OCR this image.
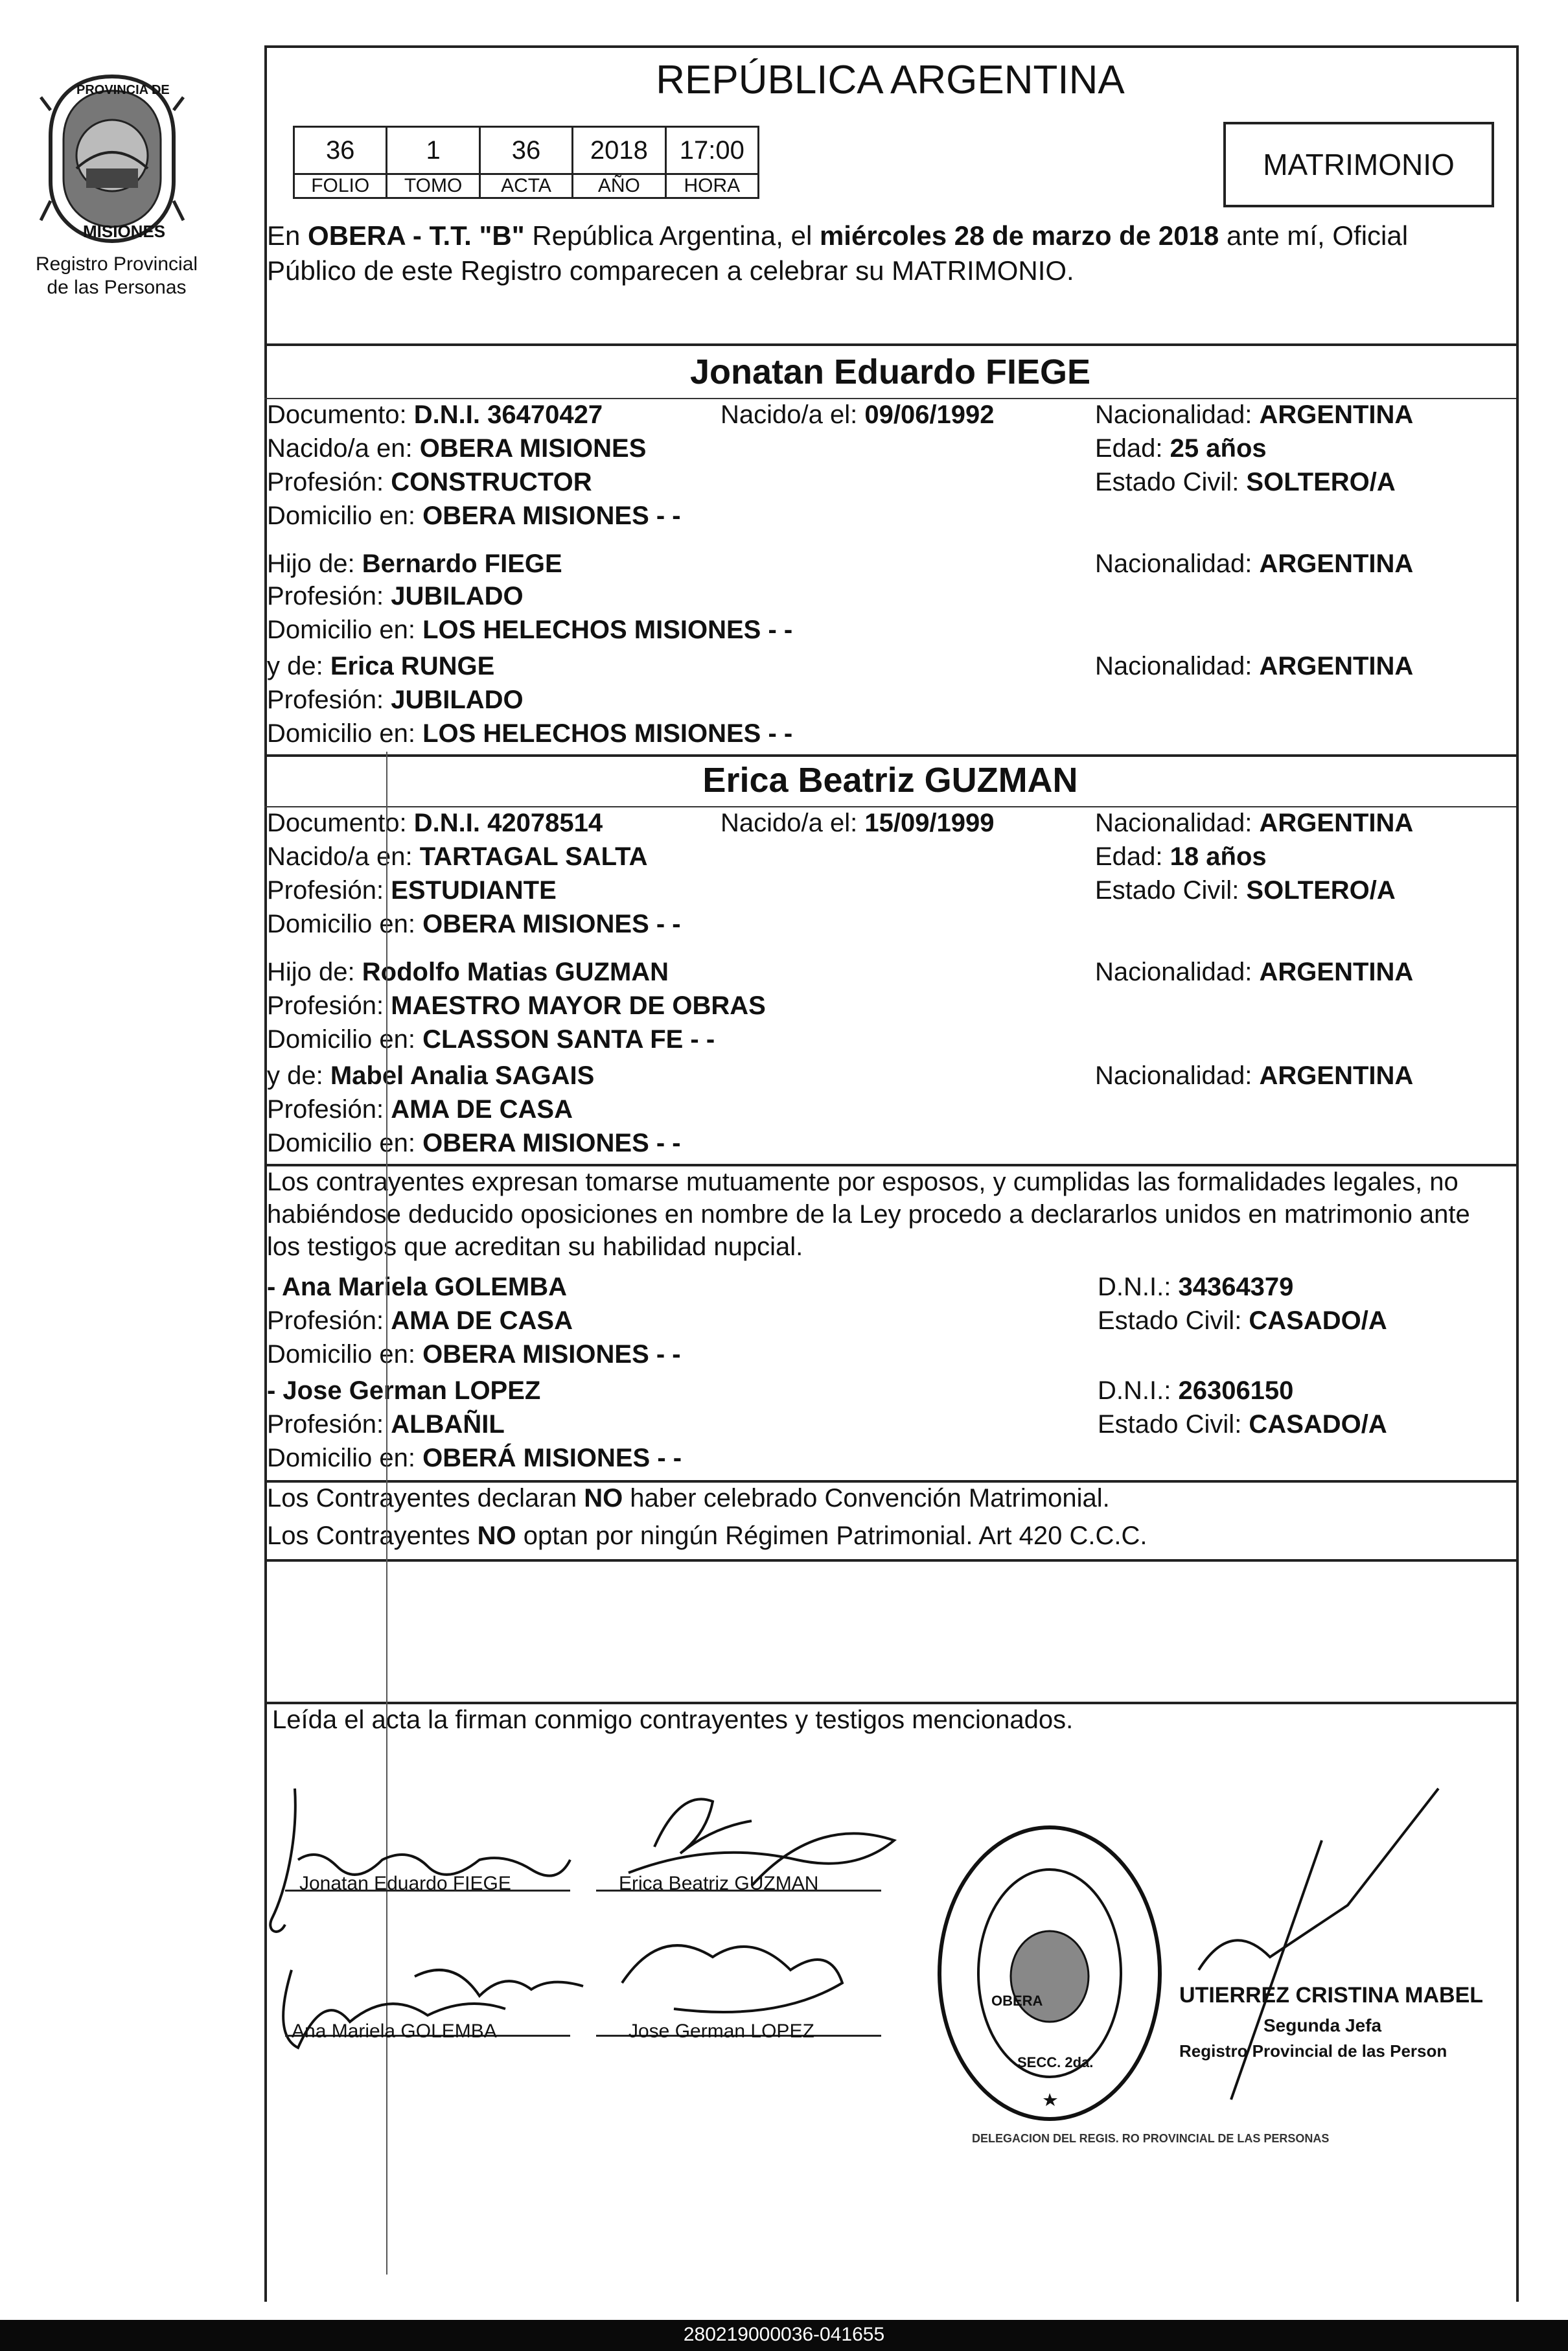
PROVINCIA DE
MISIONES
Registro Provincial
de las Personas
REPÚBLICA ARGENTINA
36	1	36	2018	17:00
FOLIO	TOMO	ACTA	AÑO	HORA
MATRIMONIO
En OBERA - T.T. "B" República Argentina, el miércoles 28 de marzo de 2018 ante mí, Oficial
Público de este Registro comparecen a celebrar su MATRIMONIO.
Jonatan Eduardo FIEGE
Documento: D.N.I. 36470427	Nacido/a el: 09/06/1992	Nacionalidad: ARGENTINA
Nacido/a en: OBERA MISIONES	Edad: 25 años
Profesión: CONSTRUCTOR	Estado Civil: SOLTERO/A
Domicilio en: OBERA MISIONES - -
Hijo de: Bernardo FIEGE	Nacionalidad: ARGENTINA
Profesión: JUBILADO
Domicilio en: LOS HELECHOS MISIONES - -
y de: Erica RUNGE	Nacionalidad: ARGENTINA
Profesión: JUBILADO
Domicilio en: LOS HELECHOS MISIONES - -
Erica Beatriz GUZMAN
Documento: D.N.I. 42078514	Nacido/a el: 15/09/1999	Nacionalidad: ARGENTINA
Nacido/a en: TARTAGAL SALTA	Edad: 18 años
Profesión: ESTUDIANTE	Estado Civil: SOLTERO/A
Domicilio en: OBERA MISIONES - -
Hijo de: Rodolfo Matias GUZMAN	Nacionalidad: ARGENTINA
Profesión: MAESTRO MAYOR DE OBRAS
Domicilio en: CLASSON SANTA FE - -
y de: Mabel Analia SAGAIS	Nacionalidad: ARGENTINA
Profesión: AMA DE CASA
Domicilio en: OBERA MISIONES - -
Los contrayentes expresan tomarse mutuamente por esposos, y cumplidas las formalidades legales, no
habiéndose deducido oposiciones en nombre de la Ley procedo a declararlos unidos en matrimonio ante
los testigos que acreditan su habilidad nupcial.
- Ana Mariela GOLEMBA	D.N.I.: 34364379
Profesión: AMA DE CASA	Estado Civil: CASADO/A
Domicilio en: OBERA MISIONES - -
- Jose German LOPEZ	D.N.I.: 26306150
Profesión: ALBAÑIL	Estado Civil: CASADO/A
Domicilio en: OBERÁ MISIONES - -
Los Contrayentes declaran NO haber celebrado Convención Matrimonial.
Los Contrayentes NO optan por ningún Régimen Patrimonial. Art 420 C.C.C.
Leída el acta la firman conmigo contrayentes y testigos mencionados.
Jonatan Eduardo FIEGE	Erica Beatriz GUZMAN
Ana Mariela GOLEMBA	Jose German LOPEZ
DELEGACION DEL REGIS. RO PROVINCIAL DE LAS PERSONAS
OBERA
SECC. 2da.
UTIERREZ CRISTINA MABEL
Segunda Jefa
Registro Provincial de las Person
280219000036-041655
